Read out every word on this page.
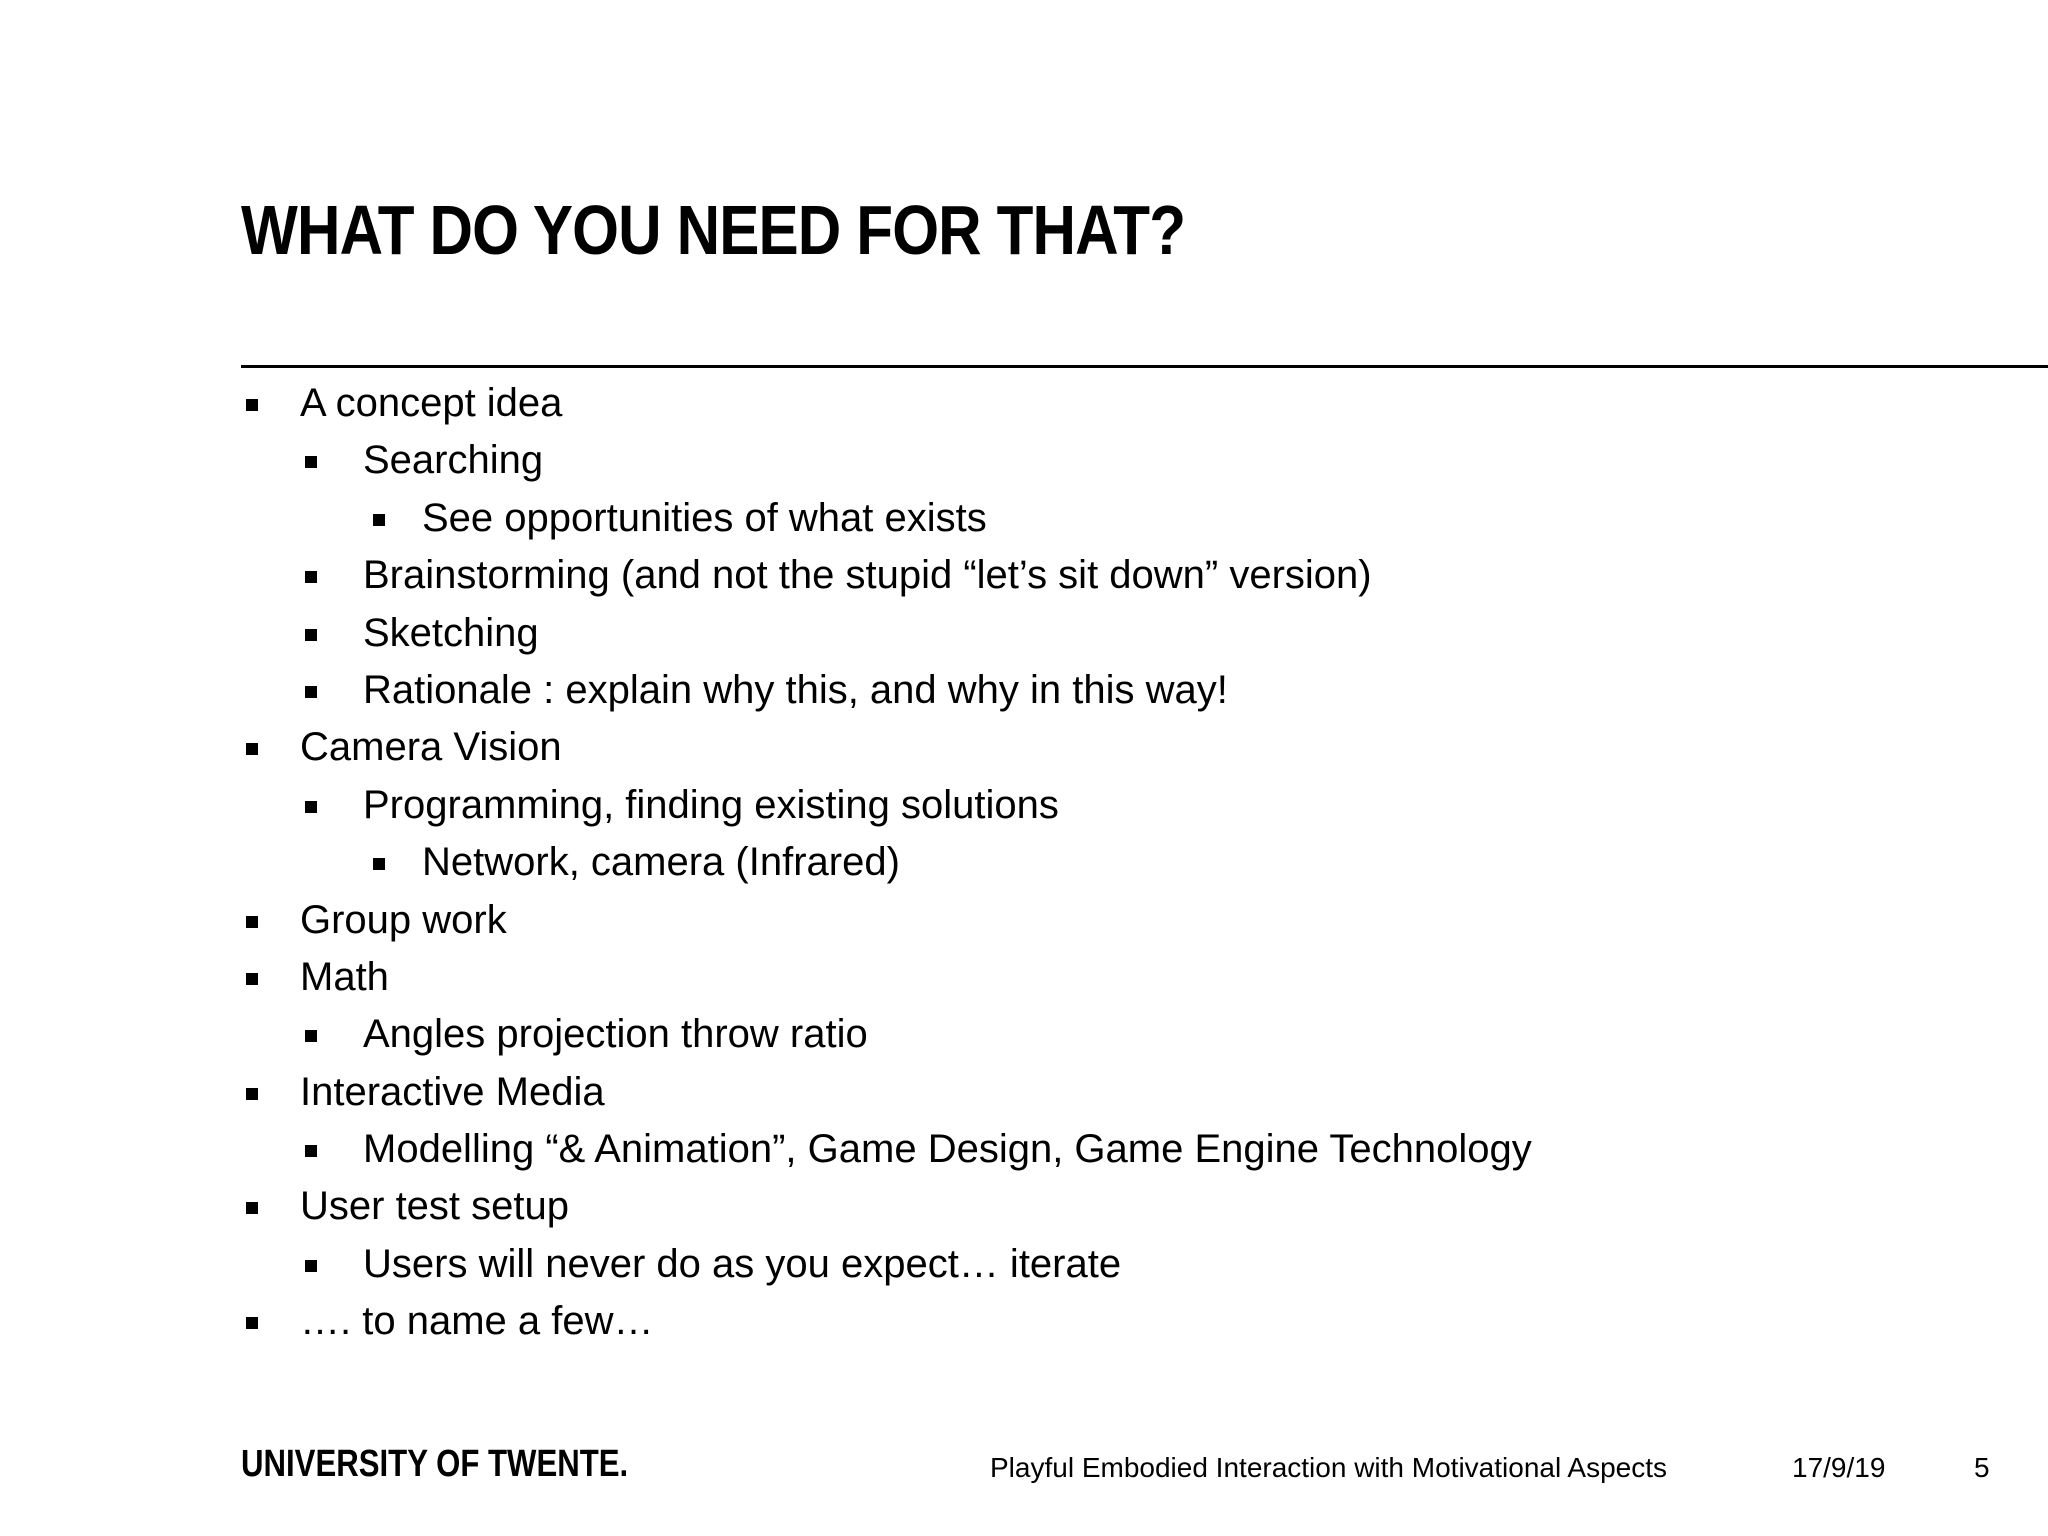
WHAT DO YOU NEED FOR THAT?
A concept idea
Searching
See opportunities of what exists
Brainstorming (and not the stupid “let’s sit down” version)
Sketching
Rationale : explain why this, and why in this way!
Camera Vision
Programming, finding existing solutions
Network, camera (Infrared)
Group work
Math
Angles projection throw ratio
Interactive Media
Modelling “& Animation”, Game Design, Game Engine Technology
User test setup
Users will never do as you expect… iterate
…. to name a few…
UNIVERSITY OF TWENTE.	Playful Embodied Interaction with Motivational Aspects	17/9/19	5
